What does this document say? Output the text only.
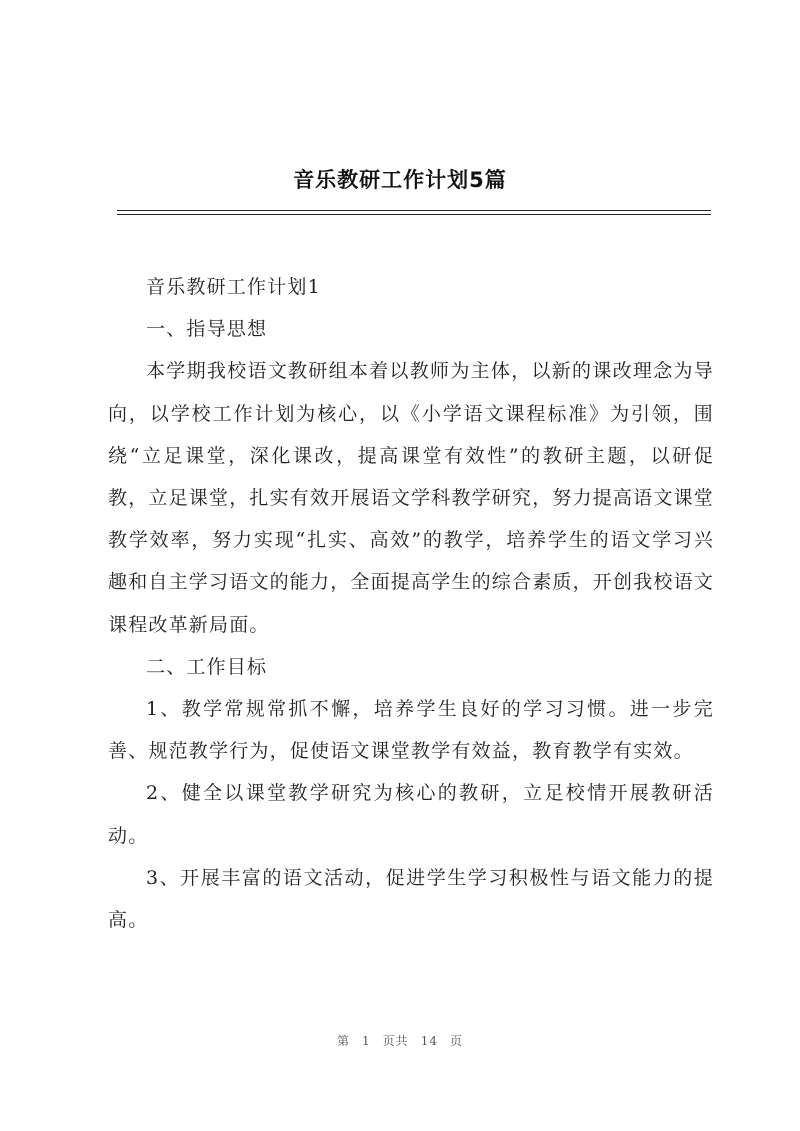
音乐教研工作计划5篇

音乐教研工作计划1

一、指导思想

本学期我校语文教研组本着以教师为主体，以新的课改理念为导向，以学校工作计划为核心，以《小学语文课程标准》为引领，围绕“立足课堂，深化课改，提高课堂有效性”的教研主题，以研促教，立足课堂，扎实有效开展语文学科教学研究，努力提高语文课堂教学效率，努力实现“扎实、高效”的教学，培养学生的语文学习兴趣和自主学习语文的能力，全面提高学生的综合素质，开创我校语文课程改革新局面。

二、工作目标

1、教学常规常抓不懈，培养学生良好的学习习惯。进一步完善、规范教学行为，促使语文课堂教学有效益，教育教学有实效。

2、健全以课堂教学研究为核心的教研，立足校情开展教研活动。

3、开展丰富的语文活动，促进学生学习积极性与语文能力的提高。

第 1 页共 14 页
